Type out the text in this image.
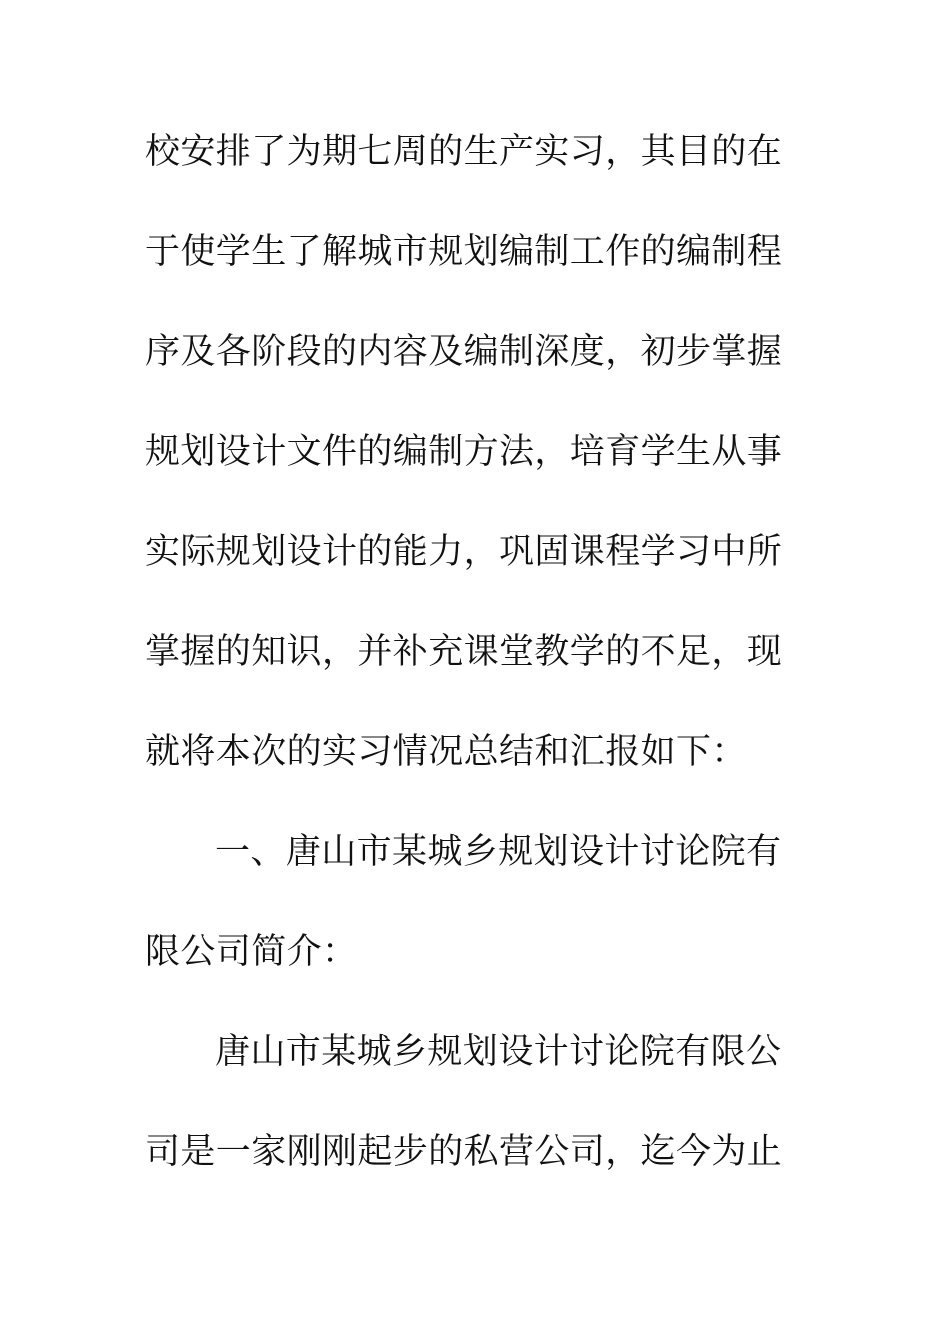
校安排了为期七周的生产实习，其目的在
于使学生了解城市规划编制工作的编制程
序及各阶段的内容及编制深度，初步掌握
规划设计文件的编制方法，培育学生从事
实际规划设计的能力，巩固课程学习中所
掌握的知识，并补充课堂教学的不足，现
就将本次的实习情况总结和汇报如下：
一、唐山市某城乡规划设计讨论院有
限公司简介：
唐山市某城乡规划设计讨论院有限公
司是一家刚刚起步的私营公司，迄今为止
